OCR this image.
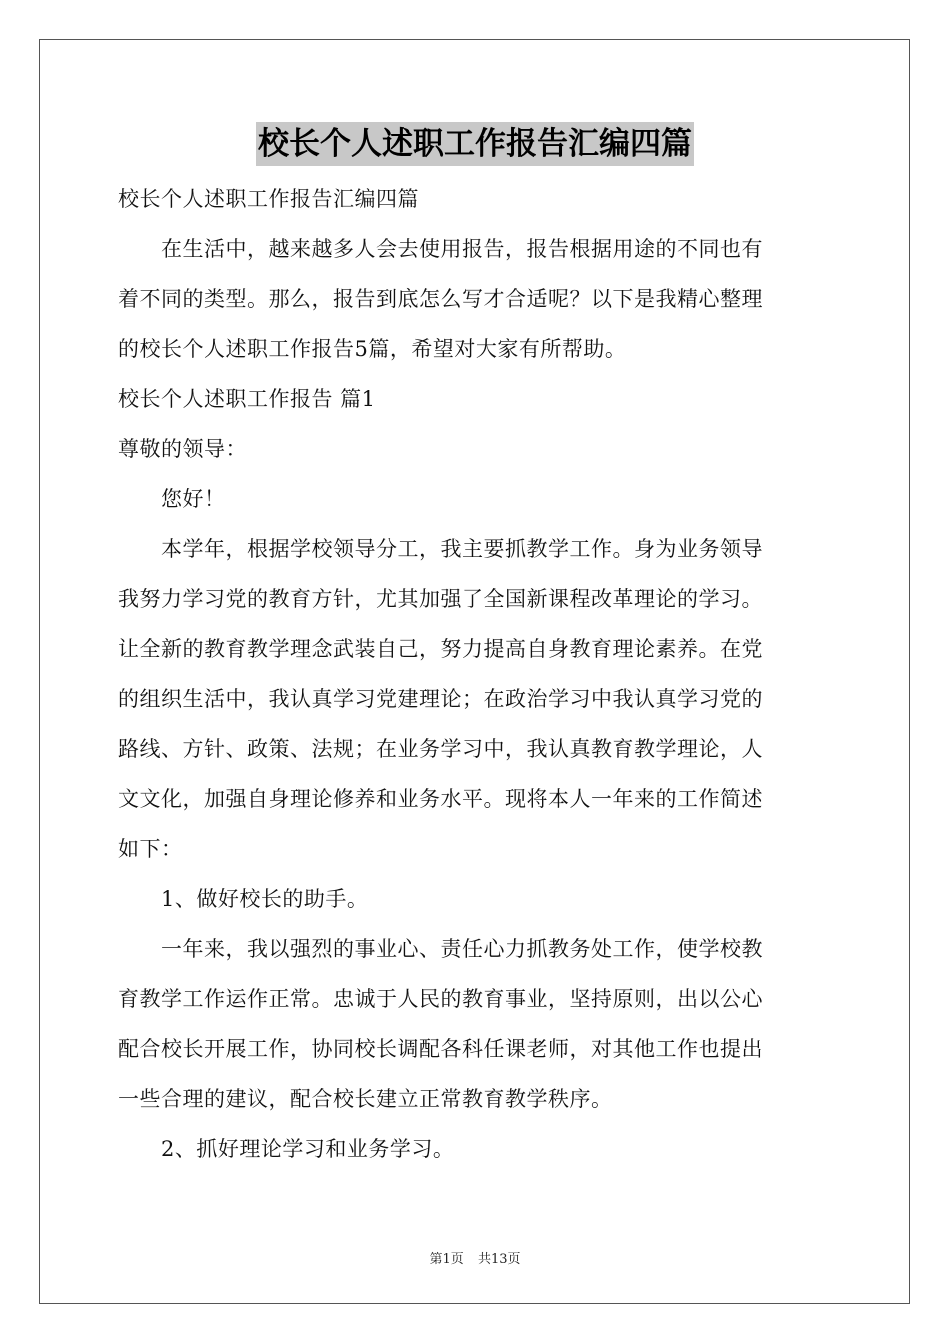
校长个人述职工作报告汇编四篇
校长个人述职工作报告汇编四篇
　　在生活中，越来越多人会去使用报告，报告根据用途的不同也有
着不同的类型。那么，报告到底怎么写才合适呢？以下是我精心整理
的校长个人述职工作报告5篇，希望对大家有所帮助。
校长个人述职工作报告 篇1
尊敬的领导：
　　您好！
　　本学年，根据学校领导分工，我主要抓教学工作。身为业务领导
我努力学习党的教育方针，尤其加强了全国新课程改革理论的学习。
让全新的教育教学理念武装自己，努力提高自身教育理论素养。在党
的组织生活中，我认真学习党建理论；在政治学习中我认真学习党的
路线、方针、政策、法规；在业务学习中，我认真教育教学理论，人
文文化，加强自身理论修养和业务水平。现将本人一年来的工作简述
如下：
　　1、做好校长的助手。
　　一年来，我以强烈的事业心、责任心力抓教务处工作，使学校教
育教学工作运作正常。忠诚于人民的教育事业，坚持原则，出以公心
配合校长开展工作，协同校长调配各科任课老师，对其他工作也提出
一些合理的建议，配合校长建立正常教育教学秩序。
　　2、抓好理论学习和业务学习。
第1页 共13页
